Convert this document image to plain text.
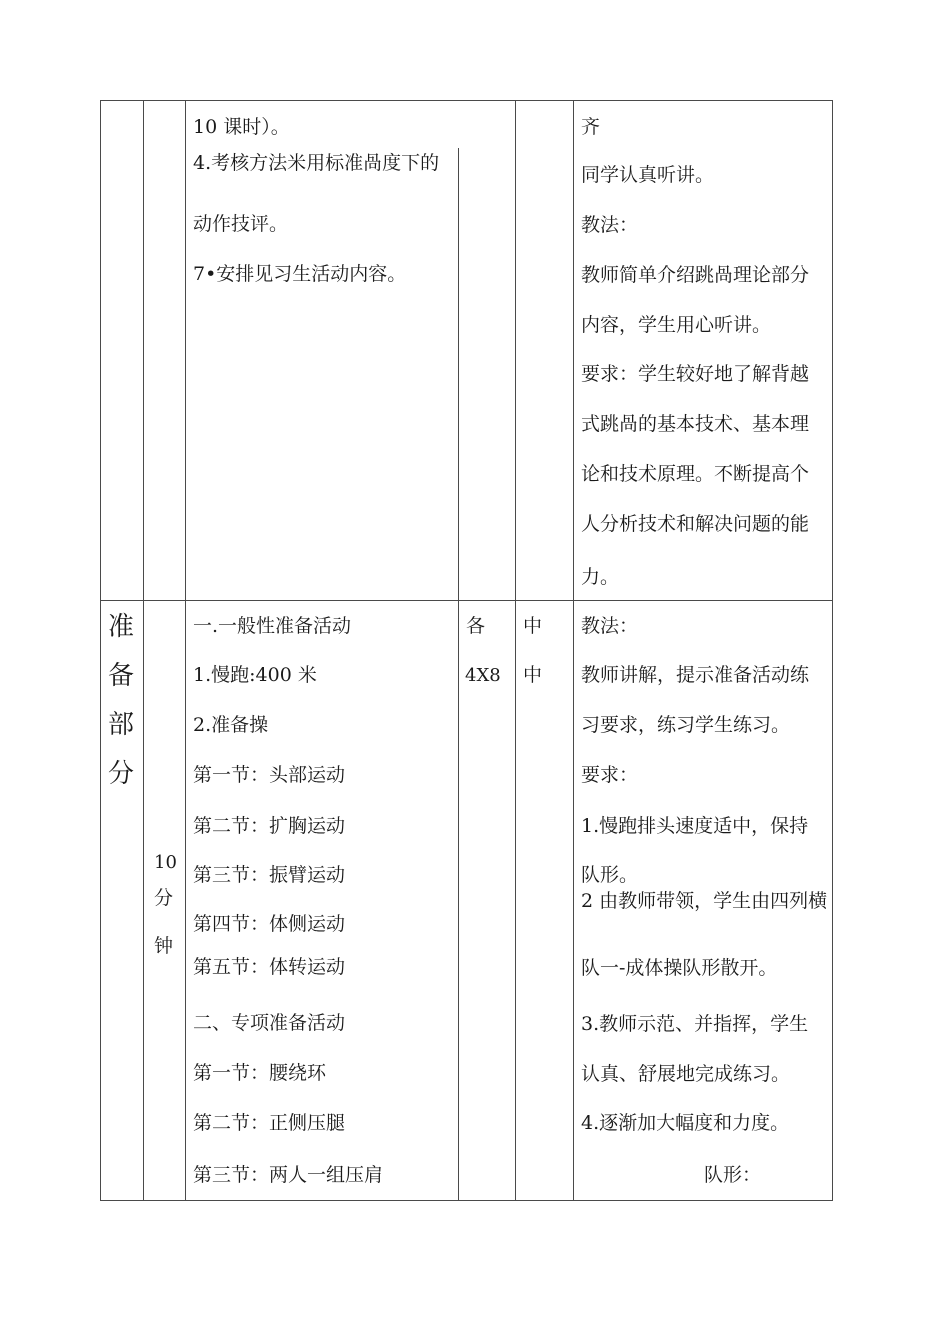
10 课时）。
4.考核方法米用标准咼度下的
动作技评。
7•安排见习生活动内容。
齐
同学认真听讲。
教法：
教师简单介绍跳咼理论部分
内容，学生用心听讲。
要求：学生较好地了解背越
式跳咼的基本技术、基本理
论和技术原理。不断提高个
人分析技术和解决问题的能
力。
准
备
部
分
10
分
钟
一.一般性准备活动
1.慢跑:400 米
2.准备操
第一节：头部运动
第二节：扩胸运动
第三节：振臂运动
第四节：体侧运动
第五节：体转运动
二、专项准备活动
第一节：腰绕环
第二节：正侧压腿
第三节：两人一组压肩
各
4X8
中
中
教法：
教师讲解，提示准备活动练
习要求，练习学生练习。
要求：
1.慢跑排头速度适中，保持
队形。
2 由教师带领，学生由四列横
队一-成体操队形散开。
3.教师示范、并指挥，学生
认真、舒展地完成练习。
4.逐渐加大幅度和力度。
队形：
